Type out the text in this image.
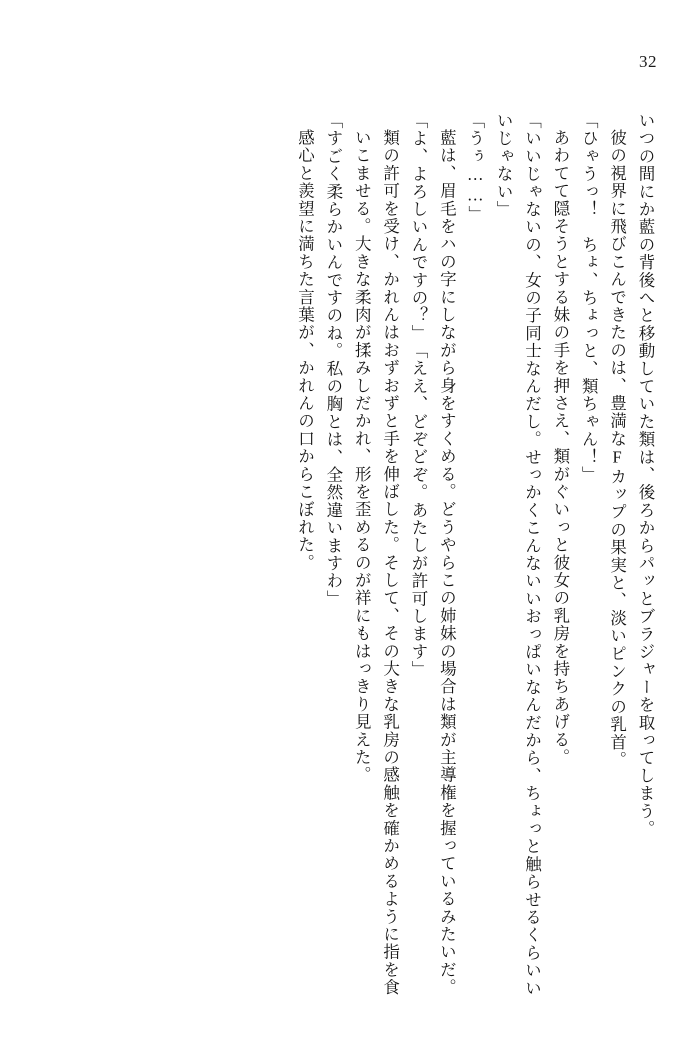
32

いつの間にか藍の背後へと移動していた類は、後ろからパッとブラジャーを取ってしまう。

彼の視界に飛びこんできたのは、豊満なFカップの果実と、淡いピンクの乳首。

「ひゃうっ！　ちょ、ちょっと、類ちゃん！」

あわてて隠そうとする妹の手を押さえ、類がぐいっと彼女の乳房を持ちあげる。

「いいじゃないの、女の子同士なんだし。せっかくこんないいおっぱいなんだから、ちょっと触らせるくらいいいじゃない」

「うぅ……」

藍は、眉毛をハの字にしながら身をすくめる。どうやらこの姉妹の場合は類が主導権を握っているみたいだ。

「よ、よろしいんですの？」

「ええ、どぞどぞ。あたしが許可します」

類の許可を受け、かれんはおずおずと手を伸ばした。そして、その大きな乳房の感触を確かめるように指を食いこませる。大きな柔肉が揉みしだかれ、形を歪めるのが祥にもはっきり見えた。

「すごく柔らかいんですのね。私の胸とは、全然違いますわ」

感心と羨望に満ちた言葉が、かれんの口からこぼれた。
